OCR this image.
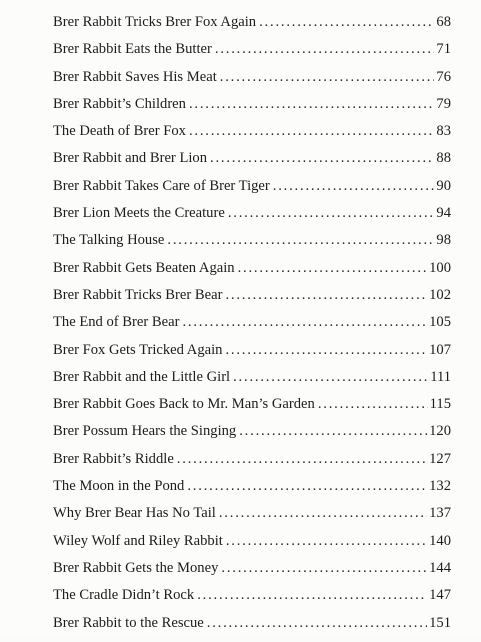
Brer Rabbit Tricks Brer Fox Again .....	68
Brer Rabbit Eats the Butter .....	71
Brer Rabbit Saves His Meat .....	76
Brer Rabbit’s Children .....	79
The Death of Brer Fox .....	83
Brer Rabbit and Brer Lion .....	88
Brer Rabbit Takes Care of Brer Tiger .....	90
Brer Lion Meets the Creature .....	94
The Talking House .....	98
Brer Rabbit Gets Beaten Again .....	100
Brer Rabbit Tricks Brer Bear .....	102
The End of Brer Bear .....	105
Brer Fox Gets Tricked Again .....	107
Brer Rabbit and the Little Girl .....	111
Brer Rabbit Goes Back to Mr. Man’s Garden .....	115
Brer Possum Hears the Singing .....	120
Brer Rabbit’s Riddle .....	127
The Moon in the Pond .....	132
Why Brer Bear Has No Tail .....	137
Wiley Wolf and Riley Rabbit .....	140
Brer Rabbit Gets the Money .....	144
The Cradle Didn’t Rock .....	147
Brer Rabbit to the Rescue .....	151
